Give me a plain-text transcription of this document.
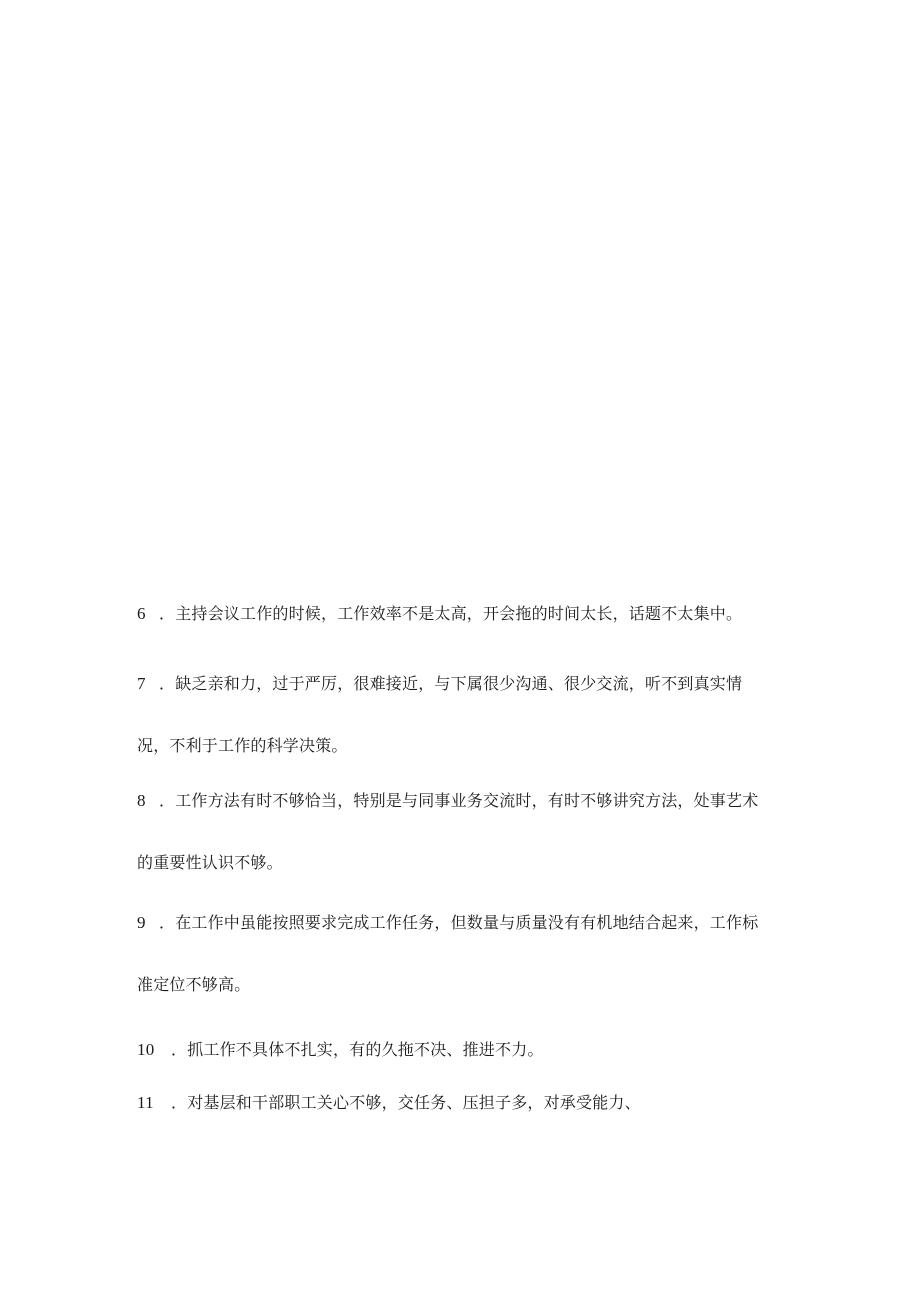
6 ．主持会议工作的时候，工作效率不是太高，开会拖的时间太长，话题不太集中。
7 ．缺乏亲和力，过于严厉，很难接近，与下属很少沟通、很少交流，听不到真实情
况，不利于工作的科学决策。
8 ．工作方法有时不够恰当，特别是与同事业务交流时，有时不够讲究方法，处事艺术
的重要性认识不够。
9 ．在工作中虽能按照要求完成工作任务，但数量与质量没有有机地结合起来，工作标
准定位不够高。
10 ．抓工作不具体不扎实，有的久拖不决、推进不力。
11 ．对基层和干部职工关心不够，交任务、压担子多，对承受能力、
